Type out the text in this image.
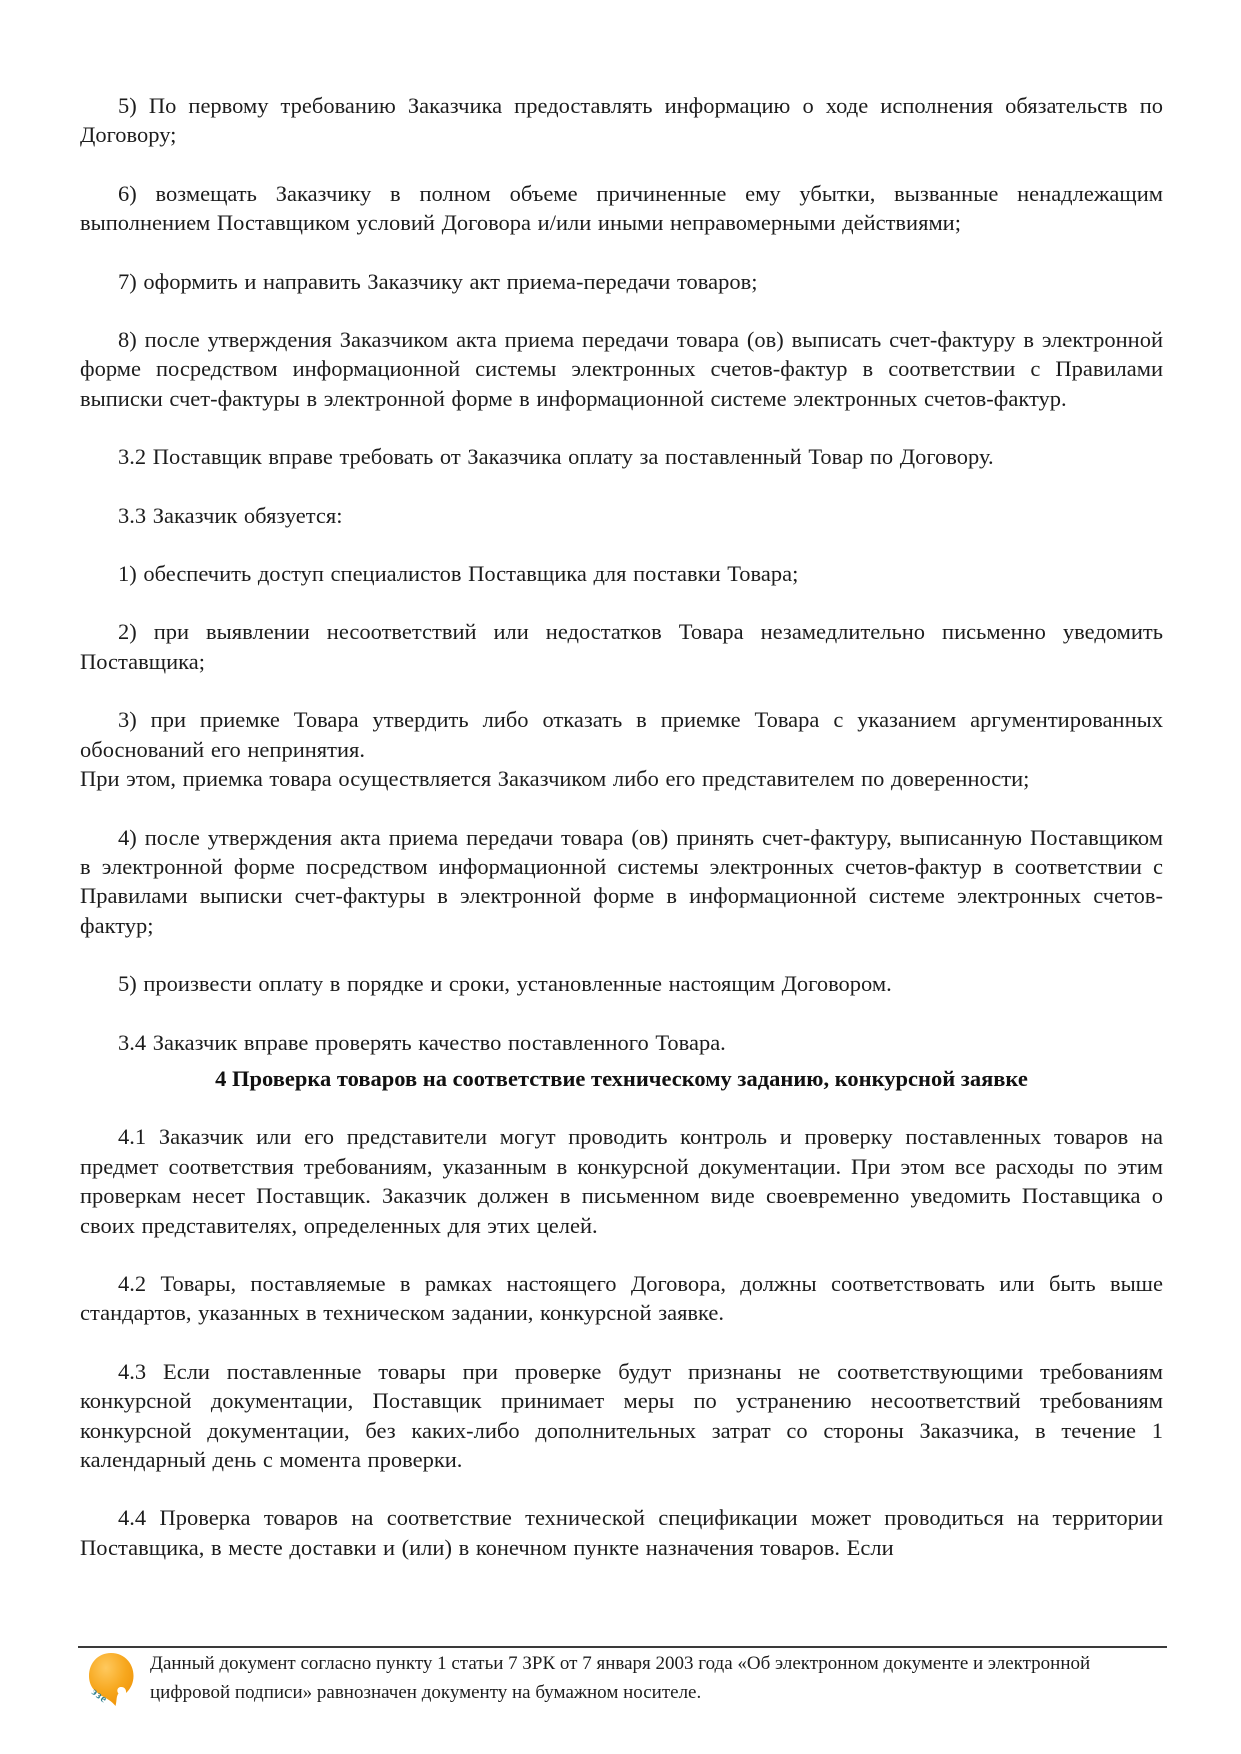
5) По первому требованию Заказчика предоставлять информацию о ходе исполнения обязательств по Договору;

6) возмещать Заказчику в полном объеме причиненные ему убытки, вызванные ненадлежащим выполнением Поставщиком условий Договора и/или иными неправомерными действиями;

7) оформить и направить Заказчику акт приема-передачи товаров;

8) после утверждения Заказчиком акта приема передачи товара (ов) выписать счет-фактуру в электронной форме посредством информационной системы электронных счетов-фактур в соответствии с Правилами выписки счет-фактуры в электронной форме в информационной системе электронных счетов-фактур.

3.2 Поставщик вправе требовать от Заказчика оплату за поставленный Товар по Договору.

3.3 Заказчик обязуется:

1) обеспечить доступ специалистов Поставщика для поставки Товара;

2) при выявлении несоответствий или недостатков Товара незамедлительно письменно уведомить Поставщика;

3) при приемке Товара утвердить либо отказать в приемке Товара с указанием аргументированных обоснований его непринятия.

При этом, приемка товара осуществляется Заказчиком либо его представителем по доверенности;

4) после утверждения акта приема передачи товара (ов) принять счет-фактуру, выписанную Поставщиком в электронной форме посредством информационной системы электронных счетов-фактур в соответствии с Правилами выписки счет-фактуры в электронной форме в информационной системе электронных счетов-фактур;

5) произвести оплату в порядке и сроки, установленные настоящим Договором.

3.4 Заказчик вправе проверять качество поставленного Товара.

4 Проверка товаров на соответствие техническому заданию, конкурсной заявке

4.1 Заказчик или его представители могут проводить контроль и проверку поставленных товаров на предмет соответствия требованиям, указанным в конкурсной документации. При этом все расходы по этим проверкам несет Поставщик. Заказчик должен в письменном виде своевременно уведомить Поставщика о своих представителях, определенных для этих целей.

4.2 Товары, поставляемые в рамках настоящего Договора, должны соответствовать или быть выше стандартов, указанных в техническом задании, конкурсной заявке.

4.3 Если поставленные товары при проверке будут признаны не соответствующими требованиям конкурсной документации, Поставщик принимает меры по устранению несоответствий требованиям конкурсной документации, без каких-либо дополнительных затрат со стороны Заказчика, в течение 1 календарный день с момента проверки.

4.4 Проверка товаров на соответствие технической спецификации может проводиться на территории Поставщика, в месте доставки и (или) в конечном пункте назначения товаров. Если

эзе
Данный документ согласно пункту 1 статьи 7 ЗРК от 7 января 2003 года «Об электронном документе и электронной цифровой подписи» равнозначен документу на бумажном носителе.
